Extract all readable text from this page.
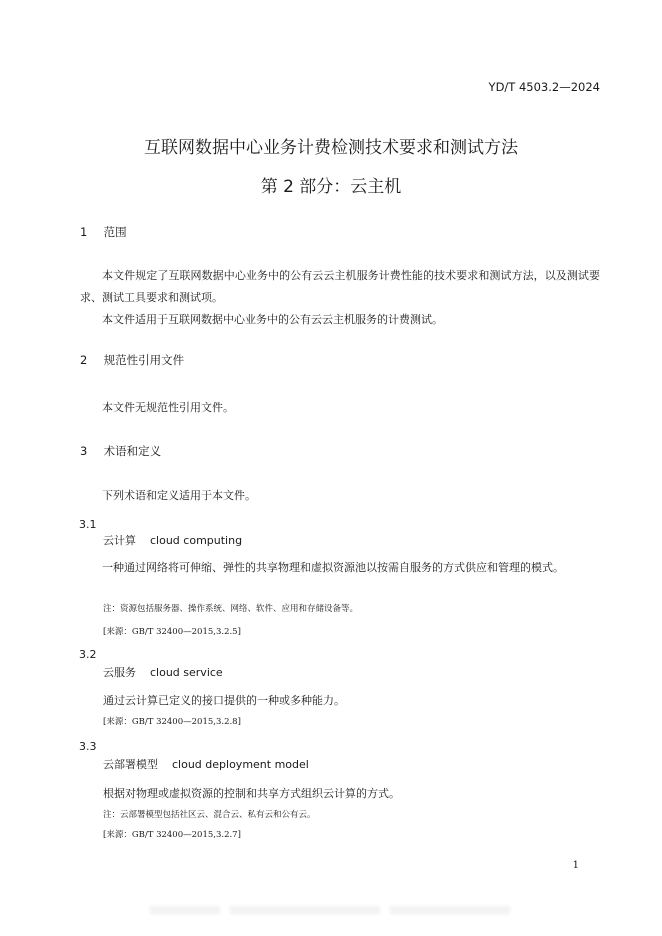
YD/T 4503.2—2024
互联网数据中心业务计费检测技术要求和测试方法
第 2 部分：云主机
1 范围
本文件规定了互联网数据中心业务中的公有云云主机服务计费性能的技术要求和测试方法，以及测试要求、测试工具要求和测试项。
本文件适用于互联网数据中心业务中的公有云云主机服务的计费测试。
2 规范性引用文件
本文件无规范性引用文件。
3 术语和定义
下列术语和定义适用于本文件。
3.1
云计算 cloud computing
一种通过网络将可伸缩、弹性的共享物理和虚拟资源池以按需自服务的方式供应和管理的模式。
注：资源包括服务器、操作系统、网络、软件、应用和存储设备等。
[来源：GB/T 32400—2015,3.2.5]
3.2
云服务 cloud service
通过云计算已定义的接口提供的一种或多种能力。
[来源：GB/T 32400—2015,3.2.8]
3.3
云部署模型 cloud deployment model
根据对物理或虚拟资源的控制和共享方式组织云计算的方式。
注：云部署模型包括社区云、混合云、私有云和公有云。
[来源：GB/T 32400—2015,3.2.7]
1
